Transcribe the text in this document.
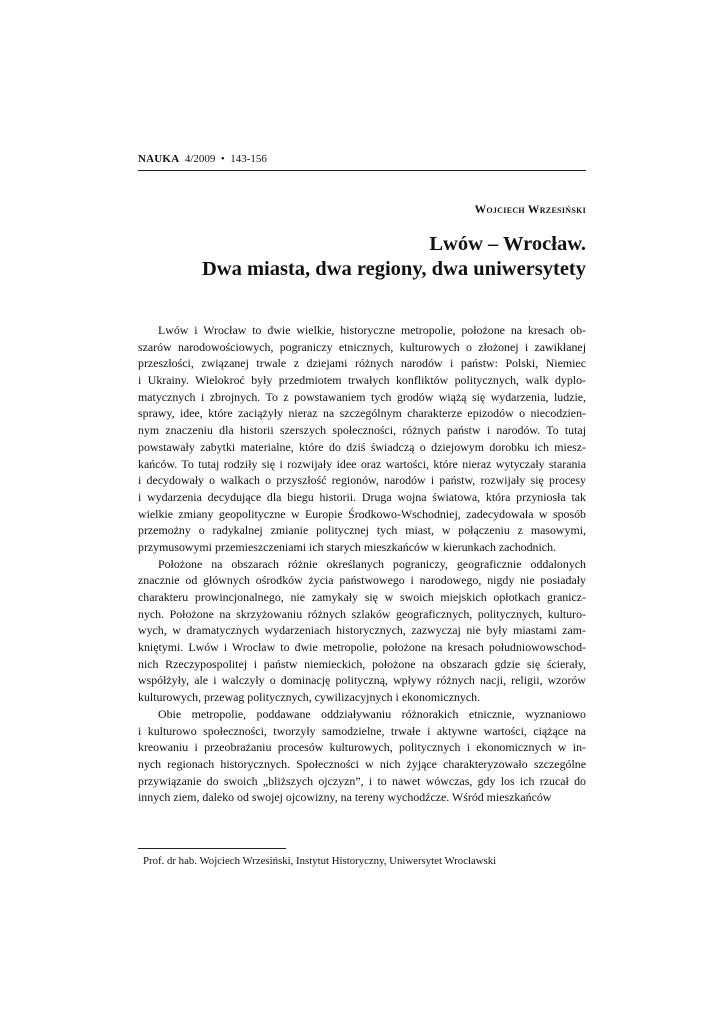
NAUKA 4/2009 • 143-156
Wojciech Wrzesiński
Lwów – Wrocław.
Dwa miasta, dwa regiony, dwa uniwersytety
Lwów i Wrocław to dwie wielkie, historyczne metropolie, położone na kresach ob-
szarów narodowościowych, pograniczy etnicznych, kulturowych o złożonej i zawikłanej
przeszłości, związanej trwale z dziejami różnych narodów i państw: Polski, Niemiec
i Ukrainy. Wielokroć były przedmiotem trwałych konfliktów politycznych, walk dyplo-
matycznych i zbrojnych. To z powstawaniem tych grodów wiążą się wydarzenia, ludzie,
sprawy, idee, które zaciążyły nieraz na szczególnym charakterze epizodów o niecodzien-
nym znaczeniu dla historii szerszych społeczności, różnych państw i narodów. To tutaj
powstawały zabytki materialne, które do dziś świadczą o dziejowym dorobku ich miesz-
kańców. To tutaj rodziły się i rozwijały idee oraz wartości, które nieraz wytyczały starania
i decydowały o walkach o przyszłość regionów, narodów i państw, rozwijały się procesy
i wydarzenia decydujące dla biegu historii. Druga wojna światowa, która przyniosła tak
wielkie zmiany geopolityczne w Europie Środkowo-Wschodniej, zadecydowała w sposób
przemożny o radykalnej zmianie politycznej tych miast, w połączeniu z masowymi,
przymusowymi przemieszczeniami ich starych mieszkańców w kierunkach zachodnich.
Położone na obszarach różnie określanych pograniczy, geograficznie oddalonych
znacznie od głównych ośrodków życia państwowego i narodowego, nigdy nie posiadały
charakteru prowincjonalnego, nie zamykały się w swoich miejskich opłotkach granicz-
nych. Położone na skrzyżowaniu różnych szlaków geograficznych, politycznych, kulturo-
wych, w dramatycznych wydarzeniach historycznych, zazwyczaj nie były miastami zam-
kniętymi. Lwów i Wrocław to dwie metropolie, położone na kresach południowowschod-
nich Rzeczypospolitej i państw niemieckich, położone na obszarach gdzie się ścierały,
współżyły, ale i walczyły o dominację polityczną, wpływy różnych nacji, religii, wzorów
kulturowych, przewag politycznych, cywilizacyjnych i ekonomicznych.
Obie metropolie, poddawane oddziaływaniu różnorakich etnicznie, wyznaniowo
i kulturowo społeczności, tworzyły samodzielne, trwałe i aktywne wartości, ciążące na
kreowaniu i przeobrażaniu procesów kulturowych, politycznych i ekonomicznych w in-
nych regionach historycznych. Społeczności w nich żyjące charakteryzowało szczególne
przywiązanie do swoich „bliższych ojczyzn”, i to nawet wówczas, gdy los ich rzucał do
innych ziem, daleko od swojej ojcowizny, na tereny wychodźcze. Wśród mieszkańców
Prof. dr hab. Wojciech Wrzesiński, Instytut Historyczny, Uniwersytet Wrocławski
